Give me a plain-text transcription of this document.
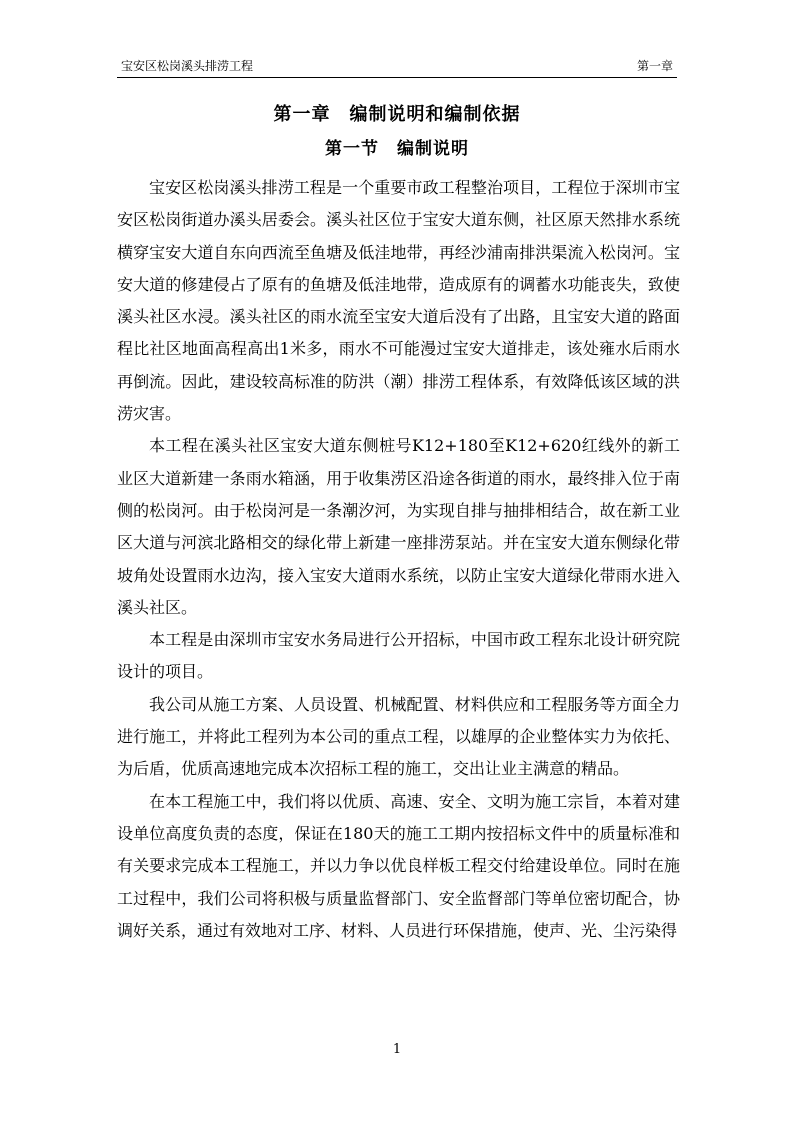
宝安区松岗溪头排涝工程	第一章
第一章　编制说明和编制依据
第一节　编制说明

宝安区松岗溪头排涝工程是一个重要市政工程整治项目，工程位于深圳市宝安区松岗街道办溪头居委会。溪头社区位于宝安大道东侧，社区原天然排水系统横穿宝安大道自东向西流至鱼塘及低洼地带，再经沙浦南排洪渠流入松岗河。宝安大道的修建侵占了原有的鱼塘及低洼地带，造成原有的调蓄水功能丧失，致使溪头社区水浸。溪头社区的雨水流至宝安大道后没有了出路，且宝安大道的路面程比社区地面高程高出1米多，雨水不可能漫过宝安大道排走，该处雍水后雨水再倒流。因此，建设较高标准的防洪（潮）排涝工程体系，有效降低该区域的洪涝灾害。

本工程在溪头社区宝安大道东侧桩号K12+180至K12+620红线外的新工业区大道新建一条雨水箱涵，用于收集涝区沿途各街道的雨水，最终排入位于南侧的松岗河。由于松岗河是一条潮汐河，为实现自排与抽排相结合，故在新工业区大道与河滨北路相交的绿化带上新建一座排涝泵站。并在宝安大道东侧绿化带坡角处设置雨水边沟，接入宝安大道雨水系统，以防止宝安大道绿化带雨水进入溪头社区。

本工程是由深圳市宝安水务局进行公开招标，中国市政工程东北设计研究院设计的项目。

我公司从施工方案、人员设置、机械配置、材料供应和工程服务等方面全力进行施工，并将此工程列为本公司的重点工程，以雄厚的企业整体实力为依托、为后盾，优质高速地完成本次招标工程的施工，交出让业主满意的精品。

在本工程施工中，我们将以优质、高速、安全、文明为施工宗旨，本着对建设单位高度负责的态度，保证在180天的施工工期内按招标文件中的质量标准和有关要求完成本工程施工，并以力争以优良样板工程交付给建设单位。同时在施工过程中，我们公司将积极与质量监督部门、安全监督部门等单位密切配合，协调好关系，通过有效地对工序、材料、人员进行环保措施，使声、光、尘污染得

1
